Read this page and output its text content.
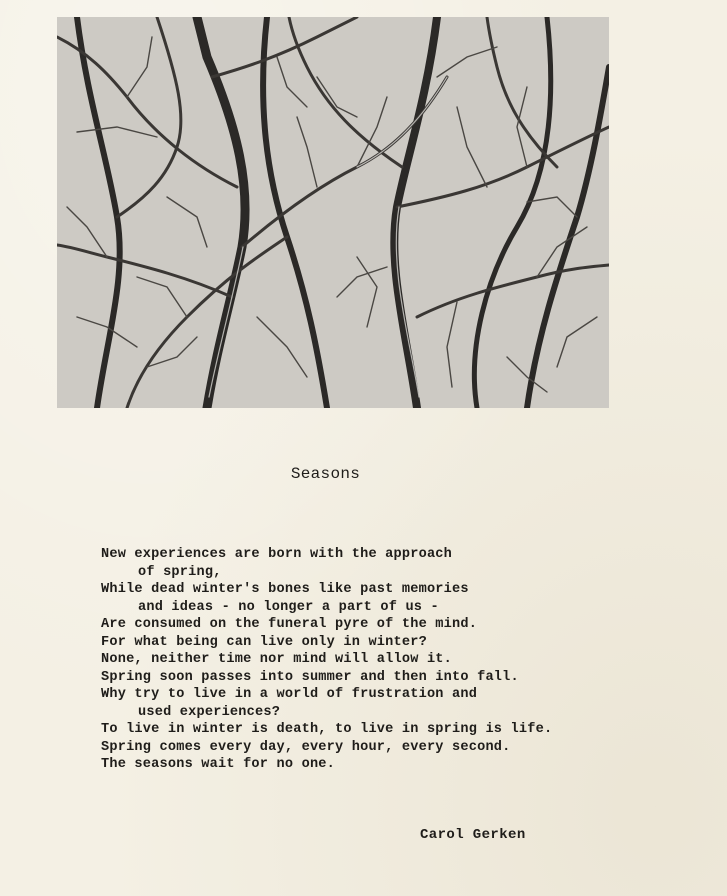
Seasons
New experiences are born with the approach
of spring,
While dead winter's bones like past memories
and ideas - no longer a part of us -
Are consumed on the funeral pyre of the mind.
For what being can live only in winter?
None, neither time nor mind will allow it.
Spring soon passes into summer and then into fall.
Why try to live in a world of frustration and
used experiences?
To live in winter is death, to live in spring is life.
Spring comes every day, every hour, every second.
The seasons wait for no one.
Carol Gerken
